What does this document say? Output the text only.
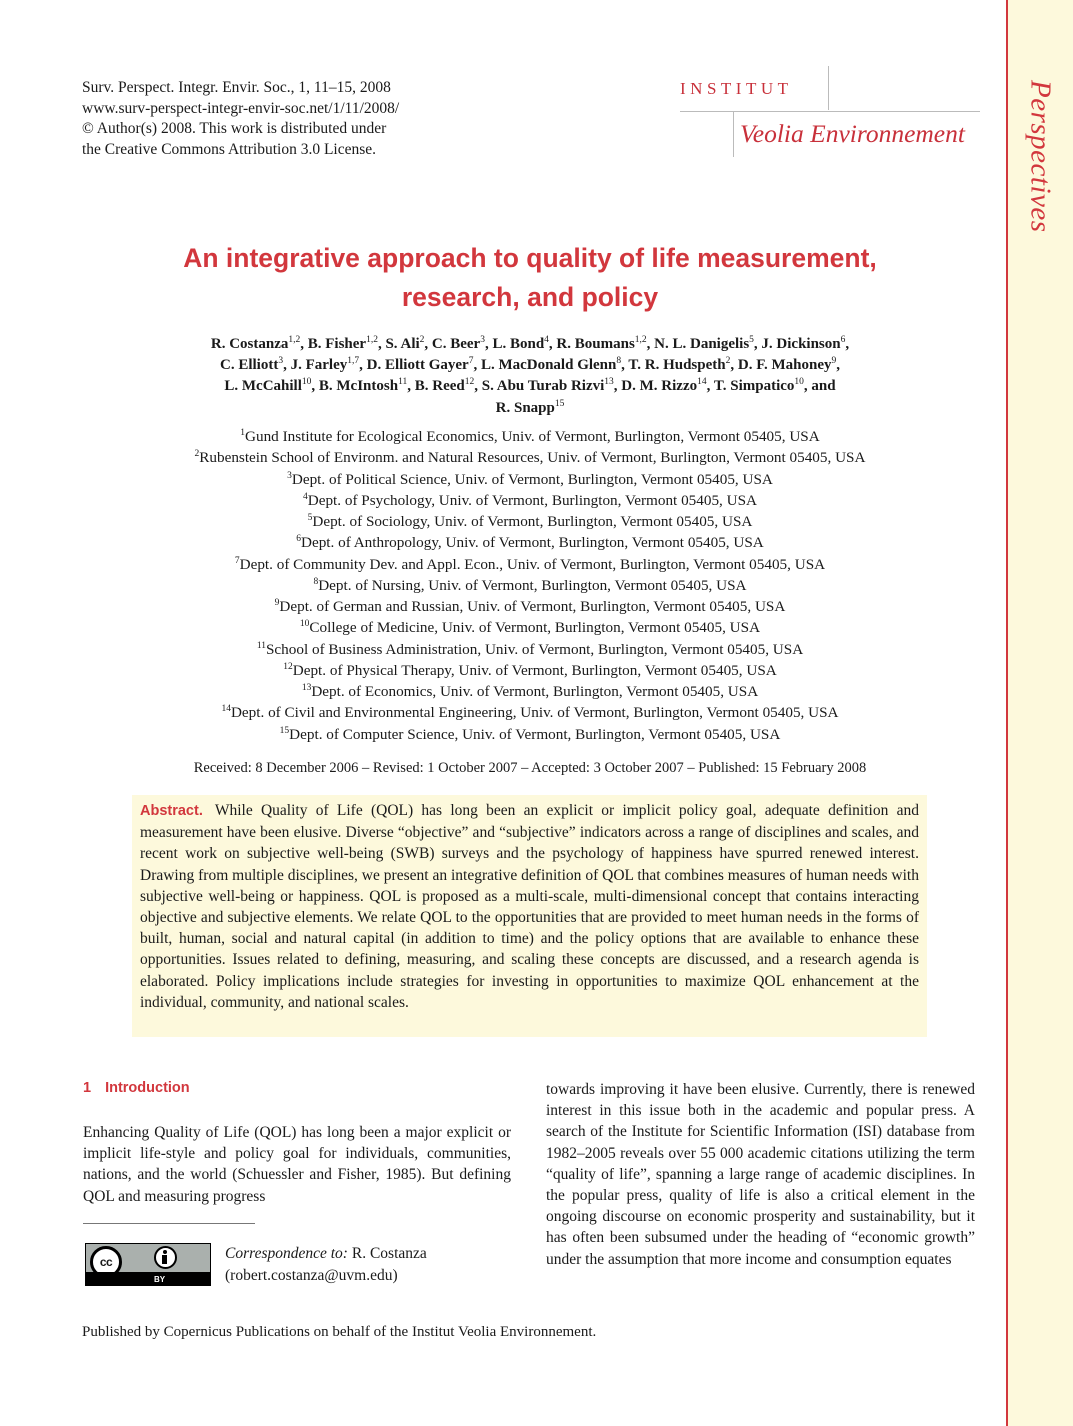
Perspectives
Surv. Perspect. Integr. Envir. Soc., 1, 11–15, 2008
www.surv-perspect-integr-envir-soc.net/1/11/2008/
© Author(s) 2008. This work is distributed under
the Creative Commons Attribution 3.0 License.
INSTITUT
Veolia Environnement
An integrative approach to quality of life measurement,
research, and policy
R. Costanza$^{1,2}$, B. Fisher$^{1,2}$, S. Ali$^2$, C. Beer$^3$, L. Bond$^4$, R. Boumans$^{1,2}$, N. L. Danigelis$^5$, J. Dickinson$^6$,
C. Elliott$^3$, J. Farley$^{1,7}$, D. Elliott Gayer$^7$, L. MacDonald Glenn$^8$, T. R. Hudspeth$^2$, D. F. Mahoney$^9$,
L. McCahill$^{10}$, B. McIntosh$^{11}$, B. Reed$^{12}$, S. Abu Turab Rizvi$^{13}$, D. M. Rizzo$^{14}$, T. Simpatico$^{10}$, and
R. Snapp$^{15}$
$^1$Gund Institute for Ecological Economics, Univ. of Vermont, Burlington, Vermont 05405, USA
$^2$Rubenstein School of Environm. and Natural Resources, Univ. of Vermont, Burlington, Vermont 05405, USA
$^3$Dept. of Political Science, Univ. of Vermont, Burlington, Vermont 05405, USA
$^4$Dept. of Psychology, Univ. of Vermont, Burlington, Vermont 05405, USA
$^5$Dept. of Sociology, Univ. of Vermont, Burlington, Vermont 05405, USA
$^6$Dept. of Anthropology, Univ. of Vermont, Burlington, Vermont 05405, USA
$^7$Dept. of Community Dev. and Appl. Econ., Univ. of Vermont, Burlington, Vermont 05405, USA
$^8$Dept. of Nursing, Univ. of Vermont, Burlington, Vermont 05405, USA
$^9$Dept. of German and Russian, Univ. of Vermont, Burlington, Vermont 05405, USA
$^{10}$College of Medicine, Univ. of Vermont, Burlington, Vermont 05405, USA
$^{11}$School of Business Administration, Univ. of Vermont, Burlington, Vermont 05405, USA
$^{12}$Dept. of Physical Therapy, Univ. of Vermont, Burlington, Vermont 05405, USA
$^{13}$Dept. of Economics, Univ. of Vermont, Burlington, Vermont 05405, USA
$^{14}$Dept. of Civil and Environmental Engineering, Univ. of Vermont, Burlington, Vermont 05405, USA
$^{15}$Dept. of Computer Science, Univ. of Vermont, Burlington, Vermont 05405, USA
Received: 8 December 2006 – Revised: 1 October 2007 – Accepted: 3 October 2007 – Published: 15 February 2008
Abstract. While Quality of Life (QOL) has long been an explicit or implicit policy goal, adequate definition and measurement have been elusive. Diverse “objective” and “subjective” indicators across a range of disciplines and scales, and recent work on subjective well-being (SWB) surveys and the psychology of happiness have spurred renewed interest. Drawing from multiple disciplines, we present an integrative definition of QOL that combines measures of human needs with subjective well-being or happiness. QOL is proposed as a multi-scale, multi-dimensional concept that contains interacting objective and subjective elements. We relate QOL to the opportunities that are provided to meet human needs in the forms of built, human, social and natural capital (in addition to time) and the policy options that are available to enhance these opportunities. Issues related to defining, measuring, and scaling these concepts are discussed, and a research agenda is elaborated. Policy implications include strategies for investing in opportunities to maximize QOL enhancement at the individual, community, and national scales.
1 Introduction
Enhancing Quality of Life (QOL) has long been a major explicit or implicit life-style and policy goal for individuals, communities, nations, and the world (Schuessler and Fisher, 1985). But defining QOL and measuring progress
towards improving it have been elusive. Currently, there is renewed interest in this issue both in the academic and popular press. A search of the Institute for Scientific Information (ISI) database from 1982–2005 reveals over 55 000 academic citations utilizing the term “quality of life”, spanning a large range of academic disciplines. In the popular press, quality of life is also a critical element in the ongoing discourse on economic prosperity and sustainability, but it has often been subsumed under the heading of “economic growth” under the assumption that more income and consumption equates
cc
BY
Correspondence to: R. Costanza
(robert.costanza@uvm.edu)
Published by Copernicus Publications on behalf of the Institut Veolia Environnement.
